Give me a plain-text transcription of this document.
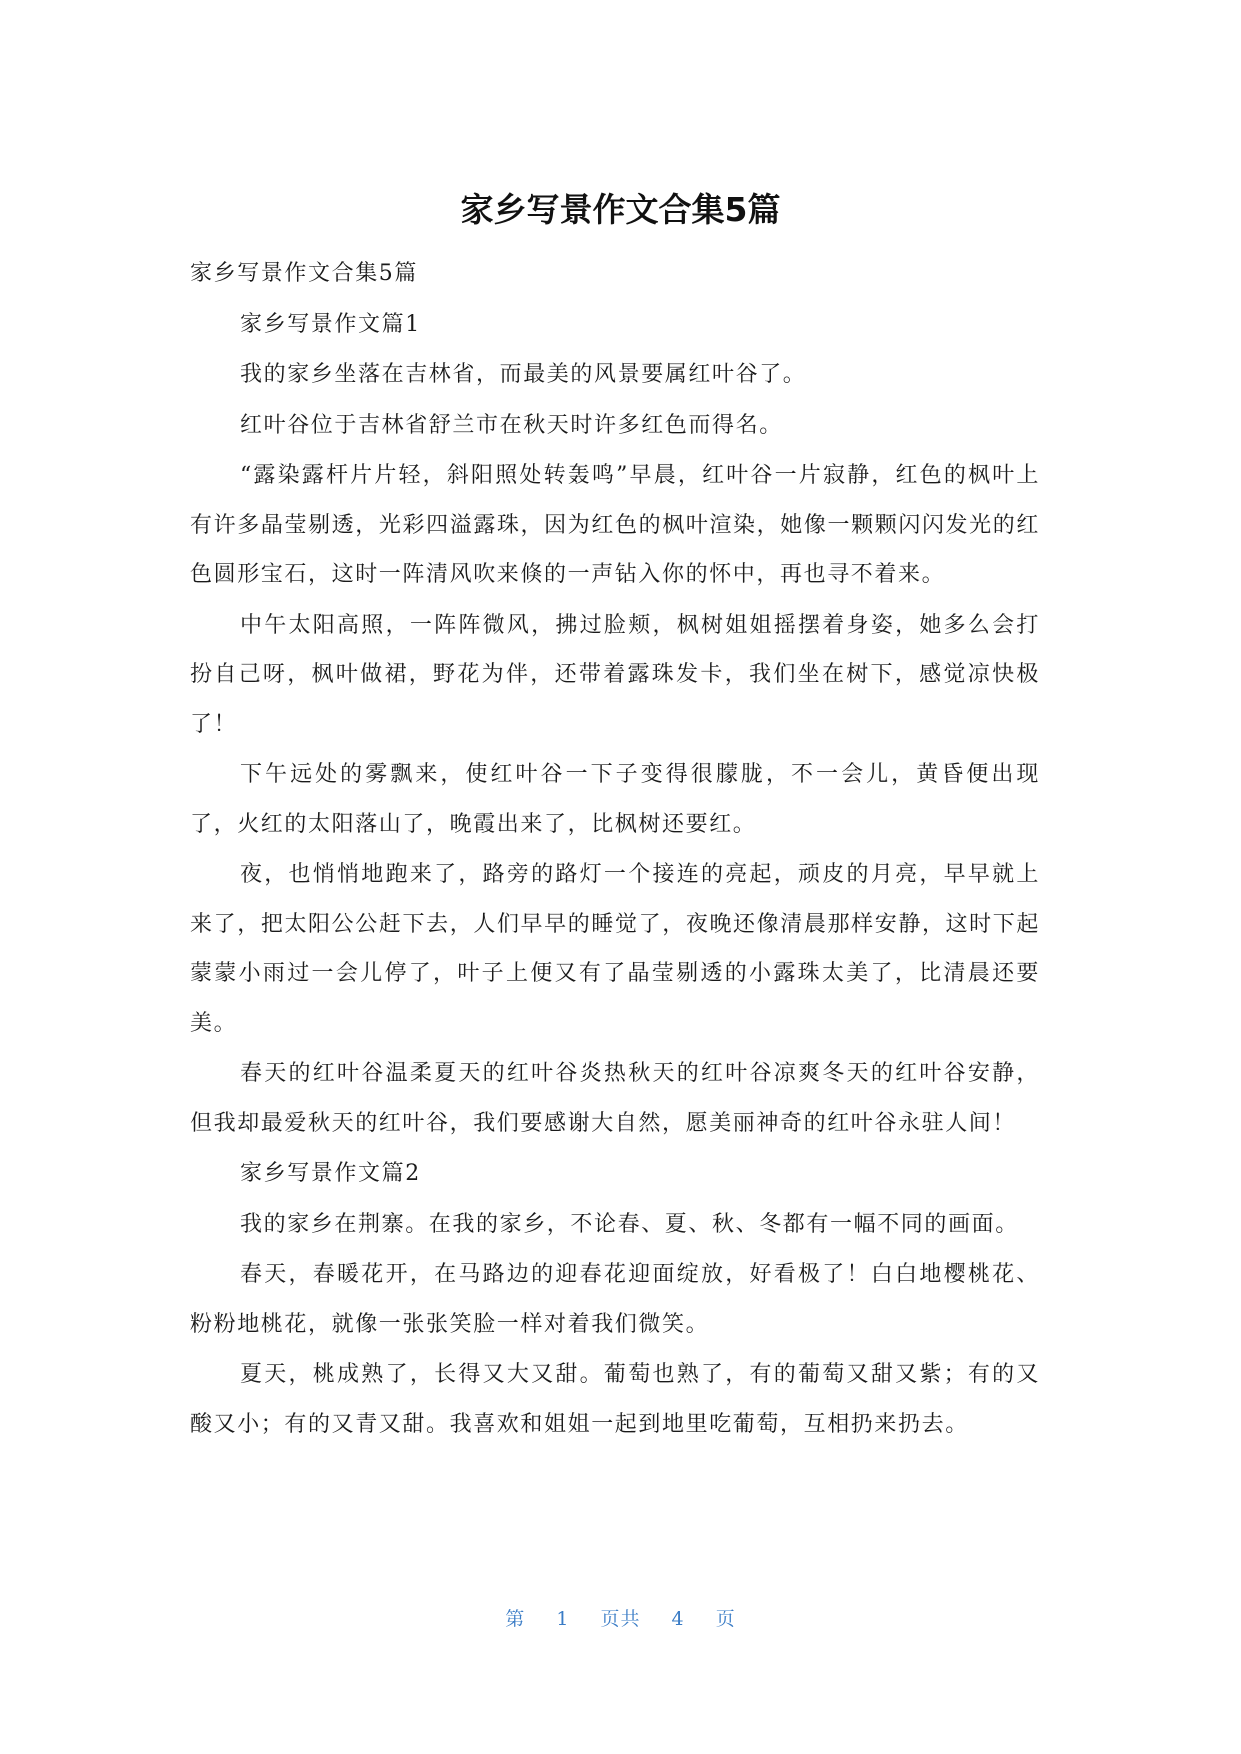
家乡写景作文合集5篇

家乡写景作文合集5篇

家乡写景作文篇1

我的家乡坐落在吉林省，而最美的风景要属红叶谷了。

红叶谷位于吉林省舒兰市在秋天时许多红色而得名。

“露染露杆片片轻，斜阳照处转轰鸣”早晨，红叶谷一片寂静，红色的枫叶上有许多晶莹剔透，光彩四溢露珠，因为红色的枫叶渲染，她像一颗颗闪闪发光的红色圆形宝石，这时一阵清风吹来倏的一声钻入你的怀中，再也寻不着来。

中午太阳高照，一阵阵微风，拂过脸颊，枫树姐姐摇摆着身姿，她多么会打扮自己呀，枫叶做裙，野花为伴，还带着露珠发卡，我们坐在树下，感觉凉快极了！

下午远处的雾飘来，使红叶谷一下子变得很朦胧，不一会儿，黄昏便出现了，火红的太阳落山了，晚霞出来了，比枫树还要红。

夜，也悄悄地跑来了，路旁的路灯一个接连的亮起，顽皮的月亮，早早就上来了，把太阳公公赶下去，人们早早的睡觉了，夜晚还像清晨那样安静，这时下起蒙蒙小雨过一会儿停了，叶子上便又有了晶莹剔透的小露珠太美了，比清晨还要美。

春天的红叶谷温柔夏天的红叶谷炎热秋天的红叶谷凉爽冬天的红叶谷安静，但我却最爱秋天的红叶谷，我们要感谢大自然，愿美丽神奇的红叶谷永驻人间！

家乡写景作文篇2

我的家乡在荆寨。在我的家乡，不论春、夏、秋、冬都有一幅不同的画面。

春天，春暖花开，在马路边的迎春花迎面绽放，好看极了！白白地樱桃花、粉粉地桃花，就像一张张笑脸一样对着我们微笑。

夏天，桃成熟了，长得又大又甜。葡萄也熟了，有的葡萄又甜又紫；有的又酸又小；有的又青又甜。我喜欢和姐姐一起到地里吃葡萄，互相扔来扔去。

第 1 页共 4 页
